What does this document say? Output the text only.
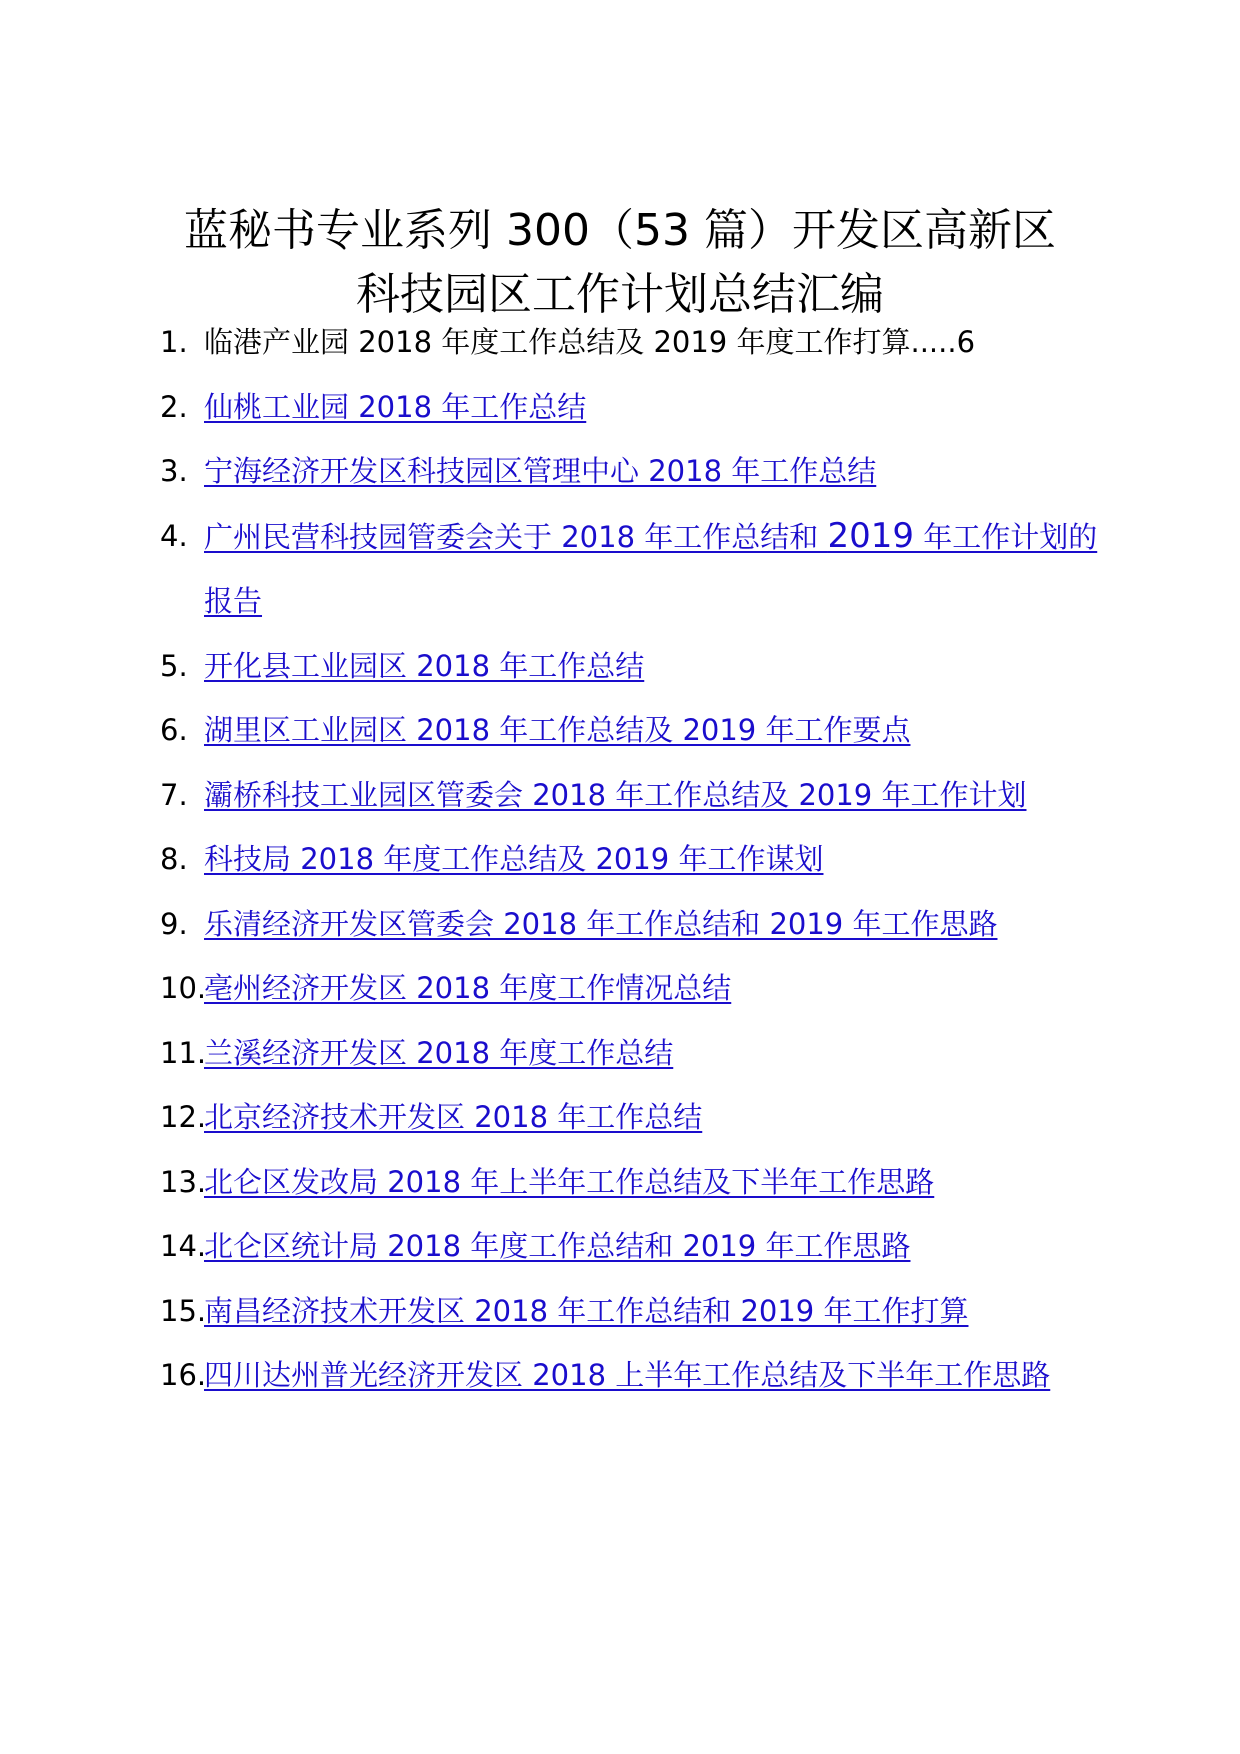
蓝秘书专业系列 300（53 篇）开发区高新区
科技园区工作计划总结汇编
1. 临港产业园 2018 年度工作总结及 2019 年度工作打算.....6
2. 仙桃工业园 2018 年工作总结
3. 宁海经济开发区科技园区管理中心 2018 年工作总结
4. 广州民营科技园管委会关于 2018 年工作总结和 2019 年工作计划的报告
5. 开化县工业园区 2018 年工作总结
6. 湖里区工业园区 2018 年工作总结及 2019 年工作要点
7. 灞桥科技工业园区管委会 2018 年工作总结及 2019 年工作计划
8. 科技局 2018 年度工作总结及 2019 年工作谋划
9. 乐清经济开发区管委会 2018 年工作总结和 2019 年工作思路
10.
亳州经济开发区 2018 年度工作情况总结
11.
兰溪经济开发区 2018 年度工作总结
12.
北京经济技术开发区 2018 年工作总结
13.
北仑区发改局 2018 年上半年工作总结及下半年工作思路
14.
北仑区统计局 2018 年度工作总结和 2019 年工作思路
15.
南昌经济技术开发区 2018 年工作总结和 2019 年工作打算
16.
四川达州普光经济开发区 2018 上半年工作总结及下半年工作思路
